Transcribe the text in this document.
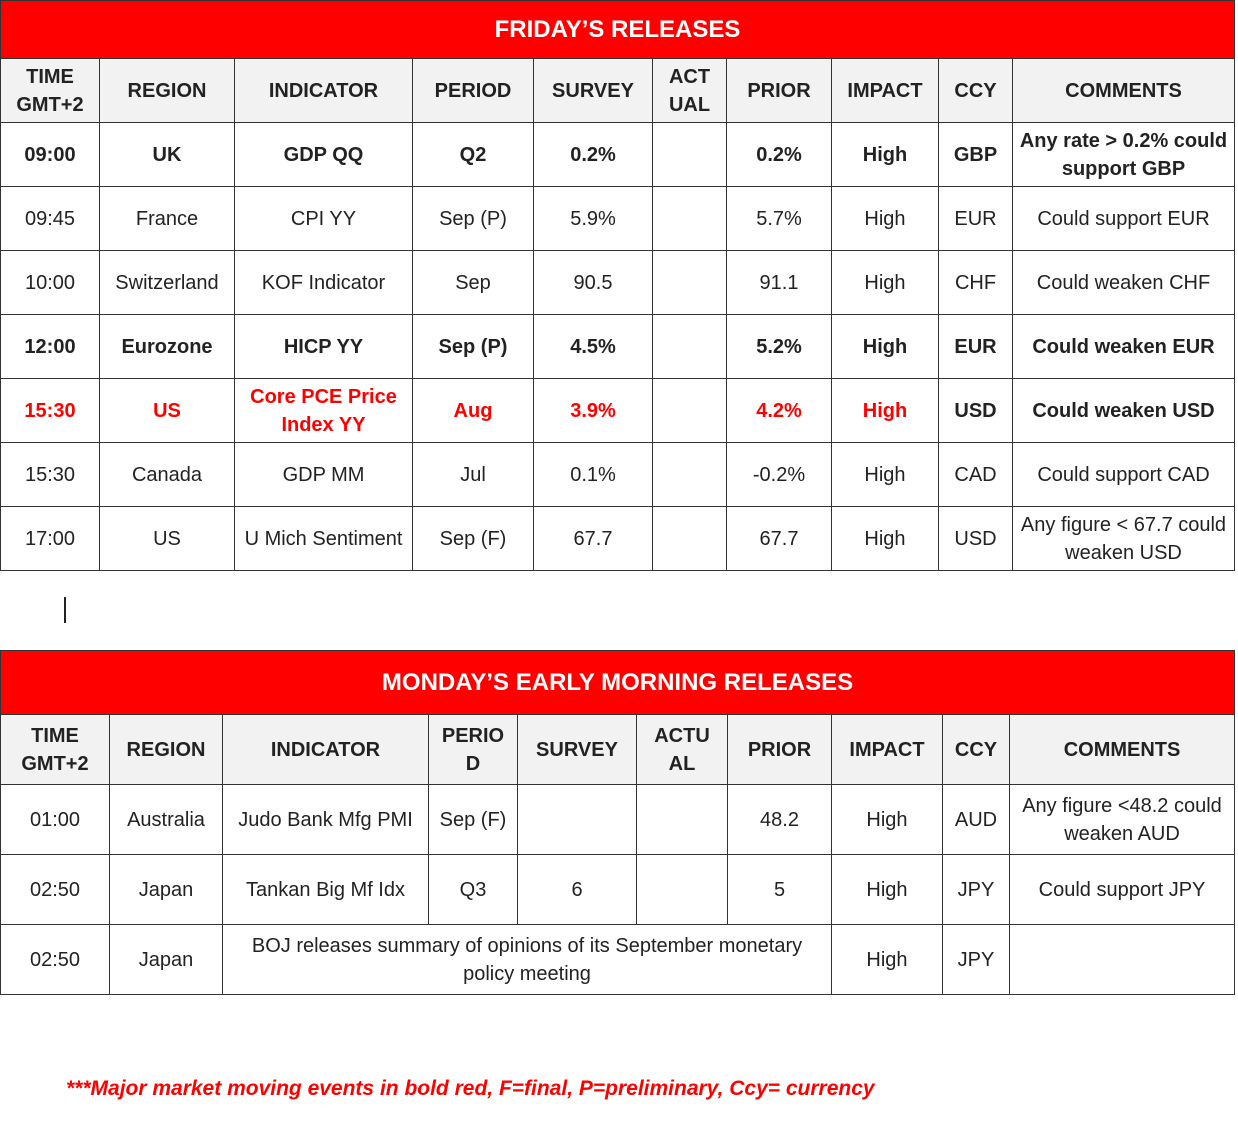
FRIDAY’S RELEASES									
TIME GMT+2	REGION	INDICATOR	PERIOD	SURVEY	ACT UAL	PRIOR	IMPACT	CCY	COMMENTS
09:00	UK	GDP QQ	Q2	0.2%		0.2%	High	GBP	Any rate > 0.2% could support GBP
09:45	France	CPI YY	Sep (P)	5.9%		5.7%	High	EUR	Could support EUR
10:00	Switzerland	KOF Indicator	Sep	90.5		91.1	High	CHF	Could weaken CHF
12:00	Eurozone	HICP YY	Sep (P)	4.5%		5.2%	High	EUR	Could weaken EUR
15:30	US	Core PCE Price Index YY	Aug	3.9%		4.2%	High	USD	Could weaken USD
15:30	Canada	GDP MM	Jul	0.1%		-0.2%	High	CAD	Could support CAD
17:00	US	U Mich Sentiment	Sep (F)	67.7		67.7	High	USD	Any figure < 67.7 could weaken USD
MONDAY’S EARLY MORNING RELEASES									
TIME GMT+2	REGION	INDICATOR	PERIO D	SURVEY	ACTU AL	PRIOR	IMPACT	CCY	COMMENTS
01:00	Australia	Judo Bank Mfg PMI	Sep (F)			48.2	High	AUD	Any figure <48.2 could weaken AUD
02:50	Japan	Tankan Big Mf Idx	Q3	6		5	High	JPY	Could support JPY
02:50	Japan	BOJ releases summary of opinions of its September monetary policy meeting					High	JPY	
***Major market moving events in bold red, F=final, P=preliminary, Ccy= currency
